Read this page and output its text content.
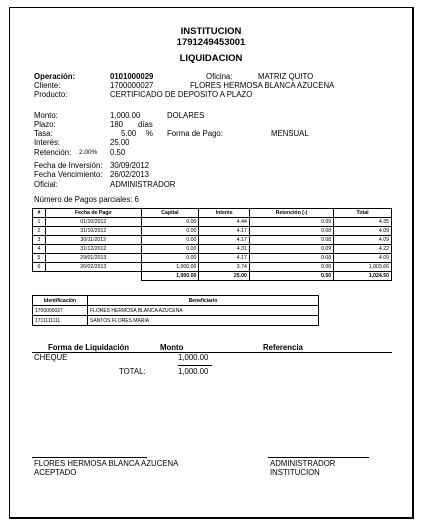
INSTITUCION
1791249453001
LIQUIDACION
Operación:	0101000029	Oficina:	MATRIZ QUITO
Cliente:	1700000027	FLORES HERMOSA BLANCA AZUCENA
Producto:	CERTIFICADO DE DEPOSITO A PLAZO
Monto:	1,000.00	DOLARES
Plazo:	180 días
Tasa:	5.00 % Forma de Pago:	MENSUAL
Interés:	25.00
Retención: 2.00% 0.50
Fecha de Inversión: 30/09/2012
Fecha Vencimiento: 26/02/2013
Oficial:	ADMINISTRADOR
Número de Pagos parciales: 6
#	Fecha de Pago	Capital	Interés	Retención (-)	Total
1	01/10/2012	0.00	4.44	0.09	4.35
2	31/10/2012	0.00	4.17	0.08	4.09
3	30/11/2012	0.00	4.17	0.08	4.09
4	31/12/2012	0.00	4.31	0.09	4.22
5	29/01/2013	0.00	4.17	0.08	4.09
6	26/02/2013	1,000.00	3.74	0.08	1,003.66
		1,000.00	25.00	0.50	1,024.50
Identificación	Beneficiario
1700000027	FLORES HERMOSA BLANCA AZUCENA
1711111111	SANTOS FLORES MARIA
Forma de Liquidación	Monto	Referencia
CHEQUE	1,000.00
TOTAL:	1,000.00
FLORES HERMOSA BLANCA AZUCENA
ACEPTADO
ADMINISTRADOR
INSTITUCION
